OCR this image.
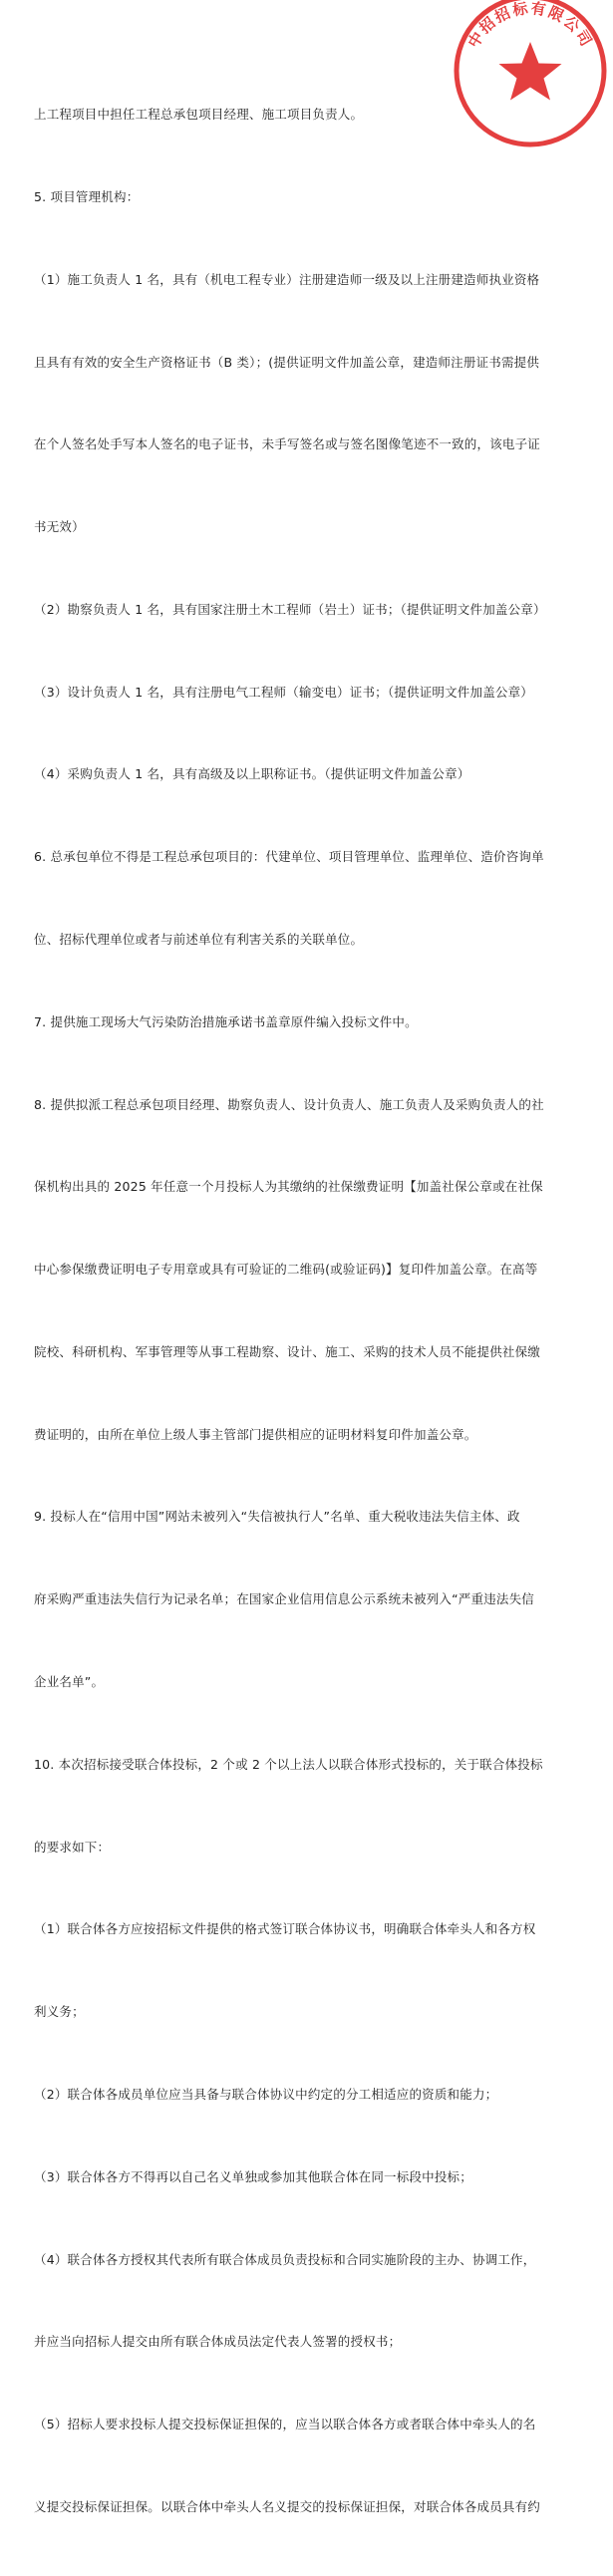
上工程项目中担任工程总承包项目经理、施工项目负责人。

5. 项目管理机构：

（1）施工负责人 1 名，具有（机电工程专业）注册建造师一级及以上注册建造师执业资格

且具有有效的安全生产资格证书（B 类）；(提供证明文件加盖公章，建造师注册证书需提供

在个人签名处手写本人签名的电子证书，未手写签名或与签名图像笔迹不一致的，该电子证

书无效）

（2）勘察负责人 1 名，具有国家注册土木工程师（岩土）证书；（提供证明文件加盖公章）

（3）设计负责人 1 名，具有注册电气工程师（输变电）证书；（提供证明文件加盖公章）

（4）采购负责人 1 名，具有高级及以上职称证书。（提供证明文件加盖公章）

6. 总承包单位不得是工程总承包项目的：代建单位、项目管理单位、监理单位、造价咨询单

位、招标代理单位或者与前述单位有利害关系的关联单位。

7. 提供施工现场大气污染防治措施承诺书盖章原件编入投标文件中。

8. 提供拟派工程总承包项目经理、勘察负责人、设计负责人、施工负责人及采购负责人的社

保机构出具的 2025 年任意一个月投标人为其缴纳的社保缴费证明【加盖社保公章或在社保

中心参保缴费证明电子专用章或具有可验证的二维码(或验证码)】复印件加盖公章。在高等

院校、科研机构、军事管理等从事工程勘察、设计、施工、采购的技术人员不能提供社保缴

费证明的，由所在单位上级人事主管部门提供相应的证明材料复印件加盖公章。

9. 投标人在“信用中国”网站未被列入“失信被执行人”名单、重大税收违法失信主体、政

府采购严重违法失信行为记录名单；在国家企业信用信息公示系统未被列入“严重违法失信

企业名单”。

10. 本次招标接受联合体投标，2 个或 2 个以上法人以联合体形式投标的，关于联合体投标

的要求如下：

（1）联合体各方应按招标文件提供的格式签订联合体协议书，明确联合体牵头人和各方权

利义务；

（2）联合体各成员单位应当具备与联合体协议中约定的分工相适应的资质和能力；

（3）联合体各方不得再以自己名义单独或参加其他联合体在同一标段中投标；

（4）联合体各方授权其代表所有联合体成员负责投标和合同实施阶段的主办、协调工作，

并应当向招标人提交由所有联合体成员法定代表人签署的授权书；

（5）招标人要求投标人提交投标保证担保的，应当以联合体各方或者联合体中牵头人的名

义提交投标保证担保。以联合体中牵头人名义提交的投标保证担保，对联合体各成员具有约

中招招标有限公司
